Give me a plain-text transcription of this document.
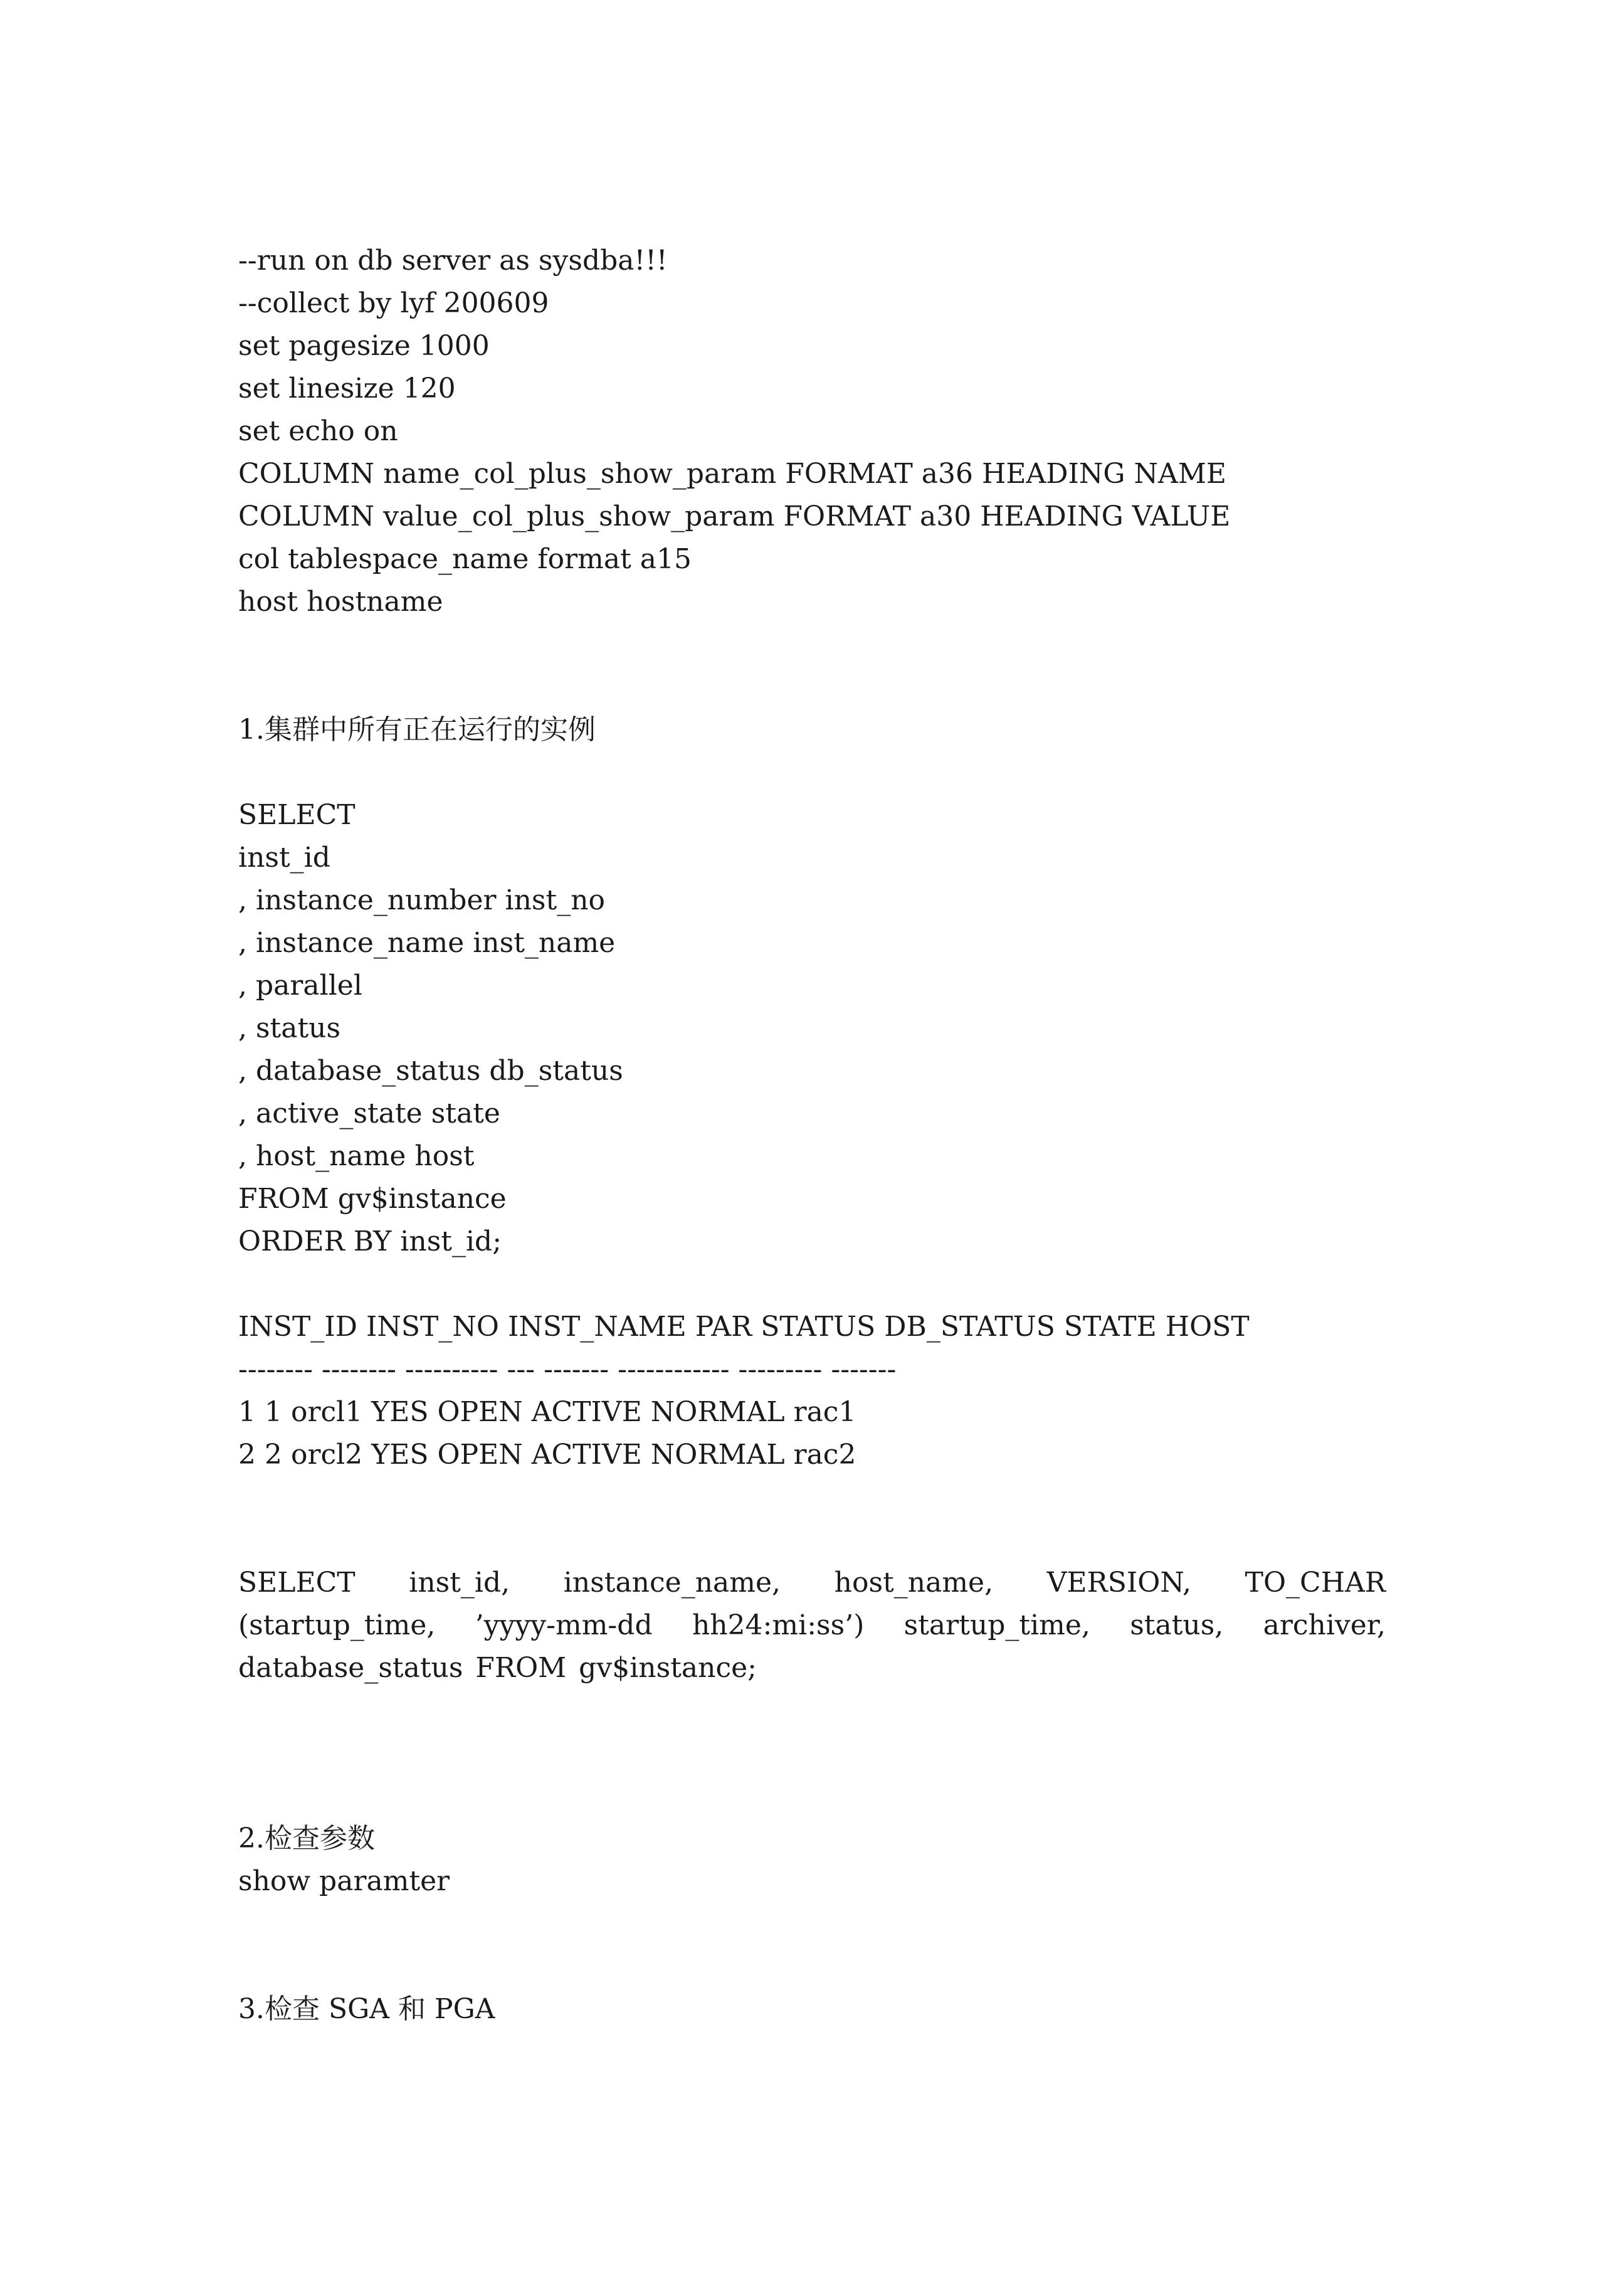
--run on db server as sysdba!!!
--collect by lyf 200609
set pagesize 1000
set linesize 120
set echo on
COLUMN name_col_plus_show_param FORMAT a36 HEADING NAME
COLUMN value_col_plus_show_param FORMAT a30 HEADING VALUE
col tablespace_name format a15
host hostname
1.集群中所有正在运行的实例
SELECT
inst_id
, instance_number inst_no
, instance_name inst_name
, parallel
, status
, database_status db_status
, active_state state
, host_name host
FROM gv$instance
ORDER BY inst_id;
INST_ID INST_NO INST_NAME PAR STATUS DB_STATUS STATE HOST
-------- -------- ---------- --- ------- ------------ --------- -------
1 1 orcl1 YES OPEN ACTIVE NORMAL rac1
2 2 orcl2 YES OPEN ACTIVE NORMAL rac2
SELECT inst_id, instance_name, host_name, VERSION, TO_CHAR (startup_time, ’yyyy-mm-dd hh24:mi:ss’) startup_time, status, archiver, database_status FROM gv$instance;
2.检查参数
show paramter
3.检查 SGA 和 PGA
